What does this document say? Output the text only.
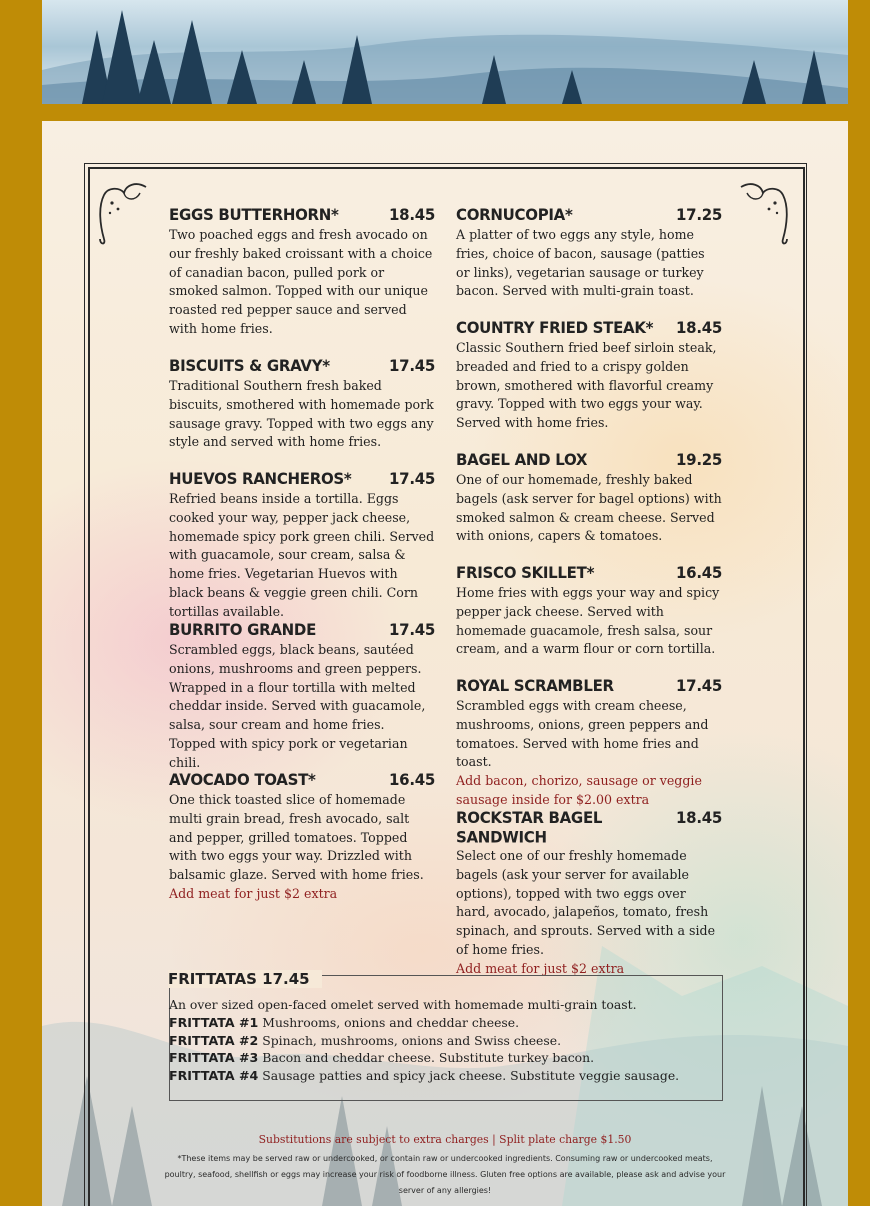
EGGS BUTTERHORN*	18.45
Two poached eggs and fresh avocado on our freshly baked croissant with a choice of canadian bacon, pulled pork or smoked salmon. Topped with our unique roasted red pepper sauce and served with home fries.
BISCUITS & GRAVY*	17.45
Traditional Southern fresh baked biscuits, smothered with homemade pork sausage gravy. Topped with two eggs any style and served with home fries.
HUEVOS RANCHEROS*	17.45
Refried beans inside a tortilla. Eggs cooked your way, pepper jack cheese, homemade spicy pork green chili. Served with guacamole, sour cream, salsa & home fries. Vegetarian Huevos with black beans & veggie green chili. Corn tortillas available.
BURRITO GRANDE	17.45
Scrambled eggs, black beans, sautéed onions, mushrooms and green peppers. Wrapped in a flour tortilla with melted cheddar inside. Served with guacamole, salsa, sour cream and home fries. Topped with spicy pork or vegetarian chili.
AVOCADO TOAST*	16.45
One thick toasted slice of homemade multi grain bread, fresh avocado, salt and pepper, grilled tomatoes. Topped with two eggs your way. Drizzled with balsamic glaze. Served with home fries.
Add meat for just $2 extra
CORNUCOPIA*	17.25
A platter of two eggs any style, home fries, choice of bacon, sausage (patties or links), vegetarian sausage or turkey bacon. Served with multi-grain toast.
COUNTRY FRIED STEAK* 18.45
Classic Southern fried beef sirloin steak, breaded and fried to a crispy golden brown, smothered with flavorful creamy gravy. Topped with two eggs your way. Served with home fries.
BAGEL AND LOX	19.25
One of our homemade, freshly baked bagels (ask server for bagel options) with smoked salmon & cream cheese. Served with onions, capers & tomatoes.
FRISCO SKILLET*	16.45
Home fries with eggs your way and spicy pepper jack cheese. Served with homemade guacamole, fresh salsa, sour cream, and a warm flour or corn tortilla.
ROYAL SCRAMBLER	17.45
Scrambled eggs with cream cheese, mushrooms, onions, green peppers and tomatoes. Served with home fries and toast.
Add bacon, chorizo, sausage or veggie sausage inside for $2.00 extra
ROCKSTAR BAGEL SANDWICH
18.45
Select one of our freshly homemade bagels (ask your server for available options), topped with two eggs over hard, avocado, jalapeños, tomato, fresh spinach, and sprouts. Served with a side of home fries.
Add meat for just $2 extra
FRITTATAS 17.45
An over sized open-faced omelet served with homemade multi-grain toast.
FRITTATA #1 Mushrooms, onions and cheddar cheese.
FRITTATA #2 Spinach, mushrooms, onions and Swiss cheese.
FRITTATA #3 Bacon and cheddar cheese. Substitute turkey bacon.
FRITTATA #4 Sausage patties and spicy jack cheese. Substitute veggie sausage.
Substitutions are subject to extra charges | Split plate charge $1.50
*These items may be served raw or undercooked, or contain raw or undercooked ingredients. Consuming raw or undercooked meats, poultry, seafood, shellfish or eggs may increase your risk of foodborne illness. Gluten free options are available, please ask and advise your server of any allergies!
